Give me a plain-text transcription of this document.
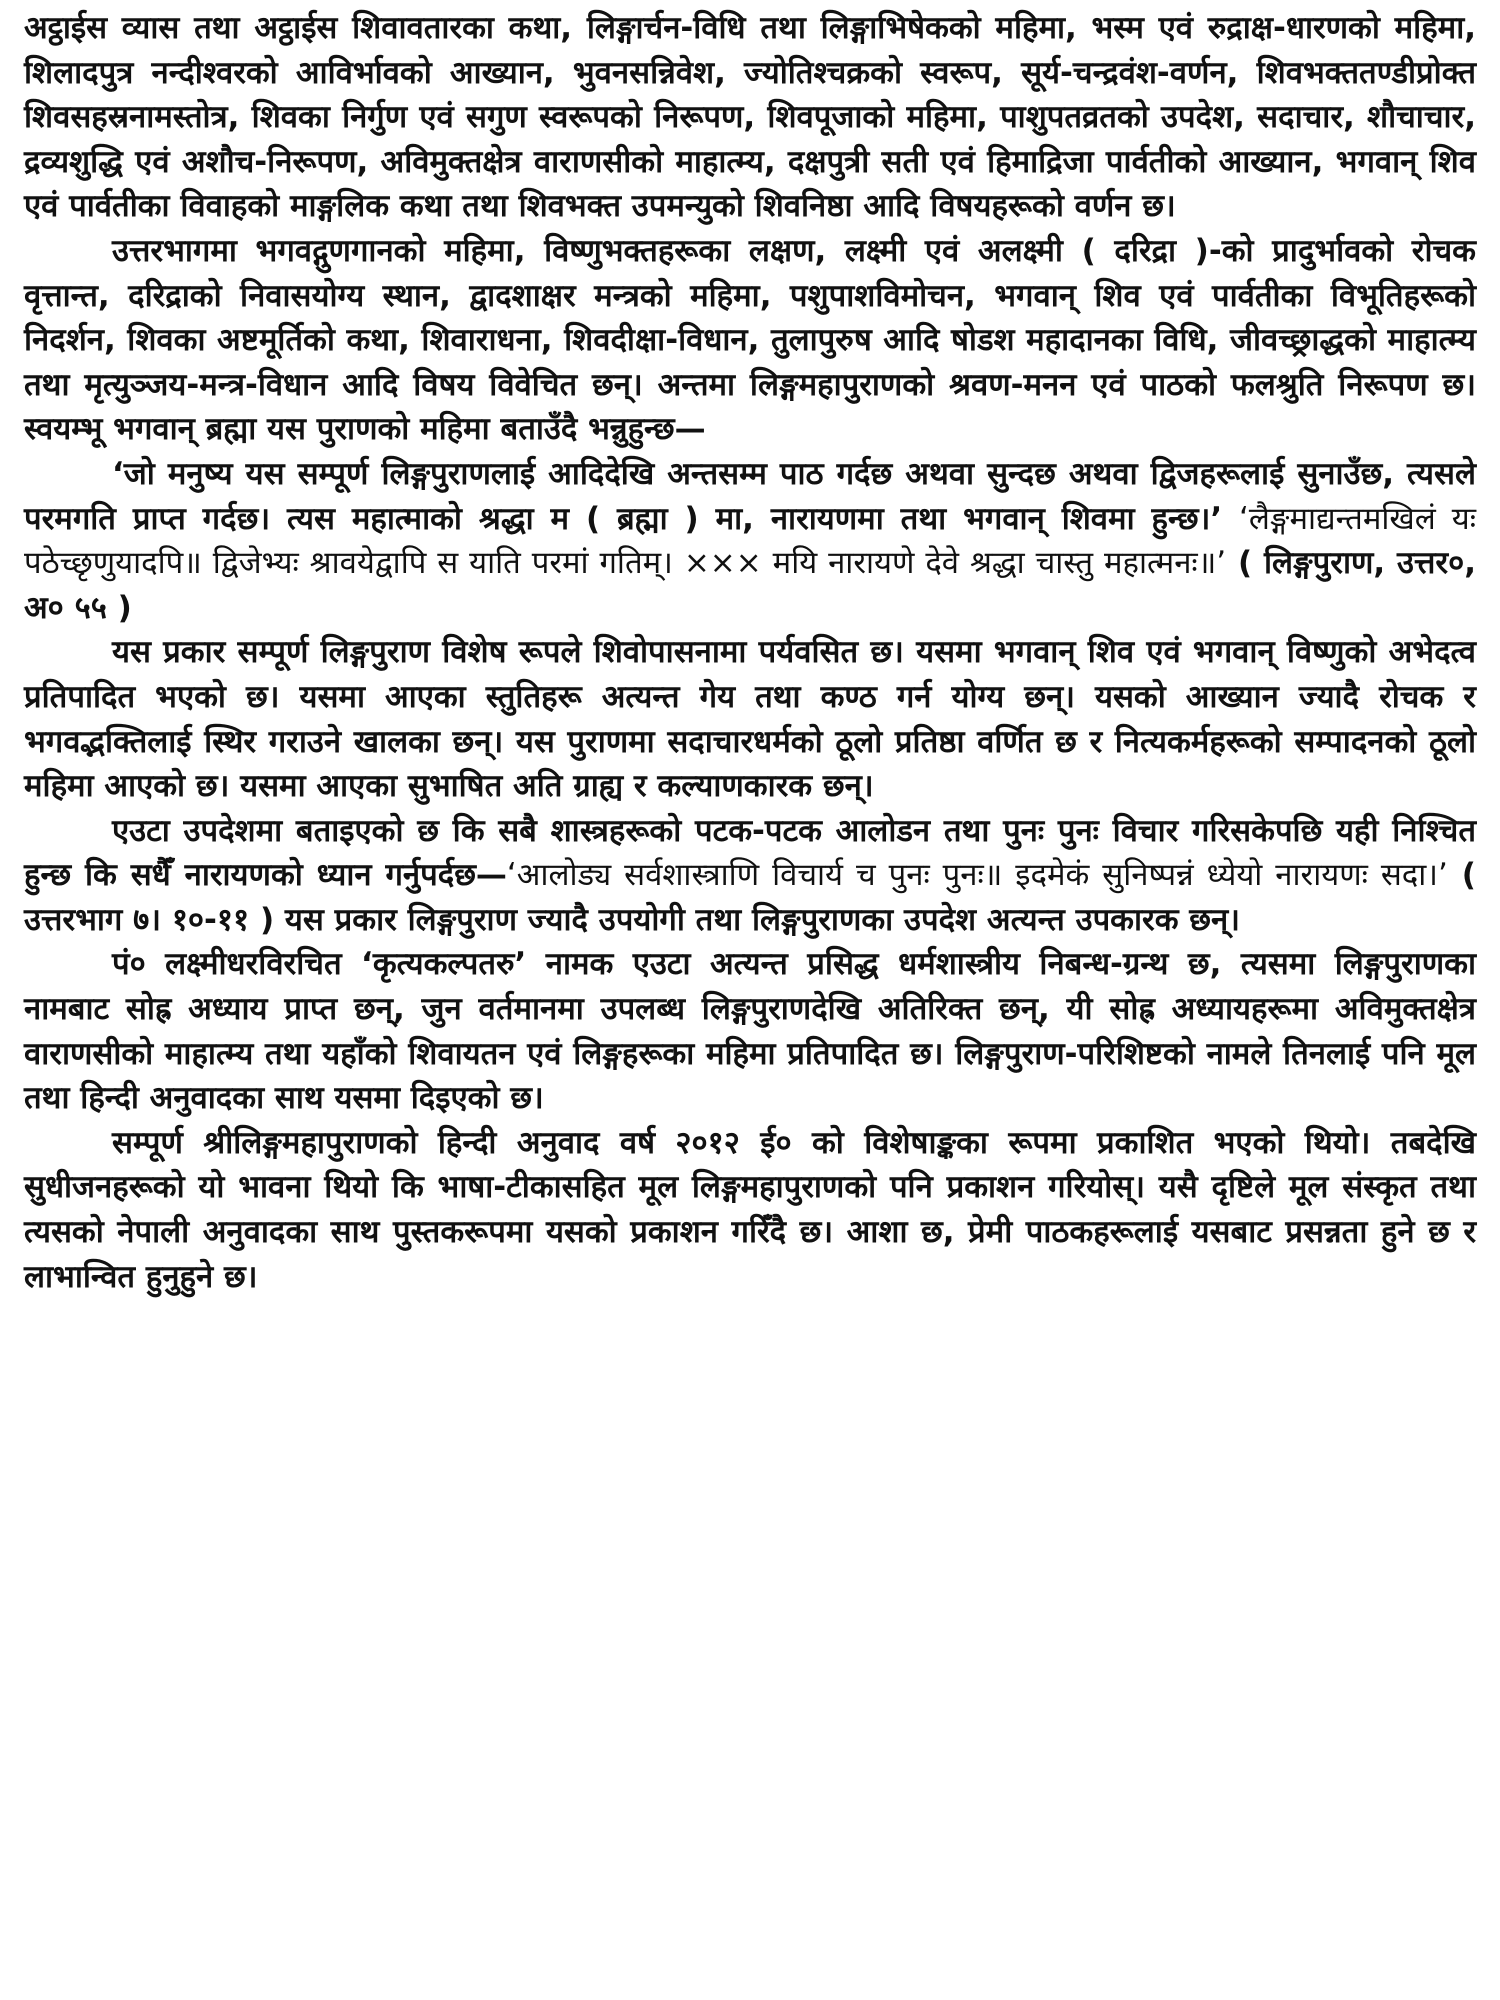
अट्ठाईस व्यास तथा अट्ठाईस शिवावतारका कथा, लिङ्गार्चन-विधि तथा लिङ्गाभिषेकको महिमा, भस्म एवं रुद्राक्ष-धारणको महिमा, शिलादपुत्र नन्दीश्वरको आविर्भावको आख्यान, भुवनसन्निवेश, ज्योतिश्चक्रको स्वरूप, सूर्य-चन्द्रवंश-वर्णन, शिवभक्ततण्डीप्रोक्त शिवसहस्रनामस्तोत्र, शिवका निर्गुण एवं सगुण स्वरूपको निरूपण, शिवपूजाको महिमा, पाशुपतव्रतको उपदेश, सदाचार, शौचाचार, द्रव्यशुद्धि एवं अशौच-निरूपण, अविमुक्तक्षेत्र वाराणसीको माहात्म्य, दक्षपुत्री सती एवं हिमाद्रिजा पार्वतीको आख्यान, भगवान् शिव एवं पार्वतीका विवाहको माङ्गलिक कथा तथा शिवभक्त उपमन्युको शिवनिष्ठा आदि विषयहरूको वर्णन छ।

उत्तरभागमा भगवद्गुणगानको महिमा, विष्णुभक्तहरूका लक्षण, लक्ष्मी एवं अलक्ष्मी ( दरिद्रा )-को प्रादुर्भावको रोचक वृत्तान्त, दरिद्राको निवासयोग्य स्थान, द्वादशाक्षर मन्त्रको महिमा, पशुपाशविमोचन, भगवान् शिव एवं पार्वतीका विभूतिहरूको निदर्शन, शिवका अष्टमूर्तिको कथा, शिवाराधना, शिवदीक्षा-विधान, तुलापुरुष आदि षोडश महादानका विधि, जीवच्छ्राद्धको माहात्म्य तथा मृत्युञ्जय-मन्त्र-विधान आदि विषय विवेचित छन्। अन्तमा लिङ्गमहापुराणको श्रवण-मनन एवं पाठको फलश्रुति निरूपण छ। स्वयम्भू भगवान् ब्रह्मा यस पुराणको महिमा बताउँदै भन्नुहुन्छ—

‘जो मनुष्य यस सम्पूर्ण लिङ्गपुराणलाई आदिदेखि अन्तसम्म पाठ गर्दछ अथवा सुन्दछ अथवा द्विजहरूलाई सुनाउँछ, त्यसले परमगति प्राप्त गर्दछ। त्यस महात्माको श्रद्धा म ( ब्रह्मा ) मा, नारायणमा तथा भगवान् शिवमा हुन्छ।’ ‘लैङ्गमाद्यन्तमखिलं यः पठेच्छृणुयादपि॥ द्विजेभ्यः श्रावयेद्वापि स याति परमां गतिम्। ××× मयि नारायणे देवे श्रद्धा चास्तु महात्मनः॥’ ( लिङ्गपुराण, उत्तर०, अ० ५५ )

यस प्रकार सम्पूर्ण लिङ्गपुराण विशेष रूपले शिवोपासनामा पर्यवसित छ। यसमा भगवान् शिव एवं भगवान् विष्णुको अभेदत्व प्रतिपादित भएको छ। यसमा आएका स्तुतिहरू अत्यन्त गेय तथा कण्ठ गर्न योग्य छन्। यसको आख्यान ज्यादै रोचक र भगवद्भक्तिलाई स्थिर गराउने खालका छन्। यस पुराणमा सदाचारधर्मको ठूलो प्रतिष्ठा वर्णित छ र नित्यकर्महरूको सम्पादनको ठूलो महिमा आएको छ। यसमा आएका सुभाषित अति ग्राह्य र कल्याणकारक छन्।

एउटा उपदेशमा बताइएको छ कि सबै शास्त्रहरूको पटक-पटक आलोडन तथा पुनः पुनः विचार गरिसकेपछि यही निश्चित हुन्छ कि सधैँ नारायणको ध्यान गर्नुपर्दछ—‘आलोड्य सर्वशास्त्राणि विचार्य च पुनः पुनः॥ इदमेकं सुनिष्पन्नं ध्येयो नारायणः सदा।’ ( उत्तरभाग ७। १०-११ ) यस प्रकार लिङ्गपुराण ज्यादै उपयोगी तथा लिङ्गपुराणका उपदेश अत्यन्त उपकारक छन्।

पं० लक्ष्मीधरविरचित ‘कृत्यकल्पतरु’ नामक एउटा अत्यन्त प्रसिद्ध धर्मशास्त्रीय निबन्ध-ग्रन्थ छ, त्यसमा लिङ्गपुराणका नामबाट सोह्र अध्याय प्राप्त छन्, जुन वर्तमानमा उपलब्ध लिङ्गपुराणदेखि अतिरिक्त छन्, यी सोह्र अध्यायहरूमा अविमुक्तक्षेत्र वाराणसीको माहात्म्य तथा यहाँको शिवायतन एवं लिङ्गहरूका महिमा प्रतिपादित छ। लिङ्गपुराण-परिशिष्टको नामले तिनलाई पनि मूल तथा हिन्दी अनुवादका साथ यसमा दिइएको छ।

सम्पूर्ण श्रीलिङ्गमहापुराणको हिन्दी अनुवाद वर्ष २०१२ ई० को विशेषाङ्कका रूपमा प्रकाशित भएको थियो। तबदेखि सुधीजनहरूको यो भावना थियो कि भाषा-टीकासहित मूल लिङ्गमहापुराणको पनि प्रकाशन गरियोस्। यसै दृष्टिले मूल संस्कृत तथा त्यसको नेपाली अनुवादका साथ पुस्तकरूपमा यसको प्रकाशन गरिँदै छ। आशा छ, प्रेमी पाठकहरूलाई यसबाट प्रसन्नता हुने छ र लाभान्वित हुनुहुने छ।
